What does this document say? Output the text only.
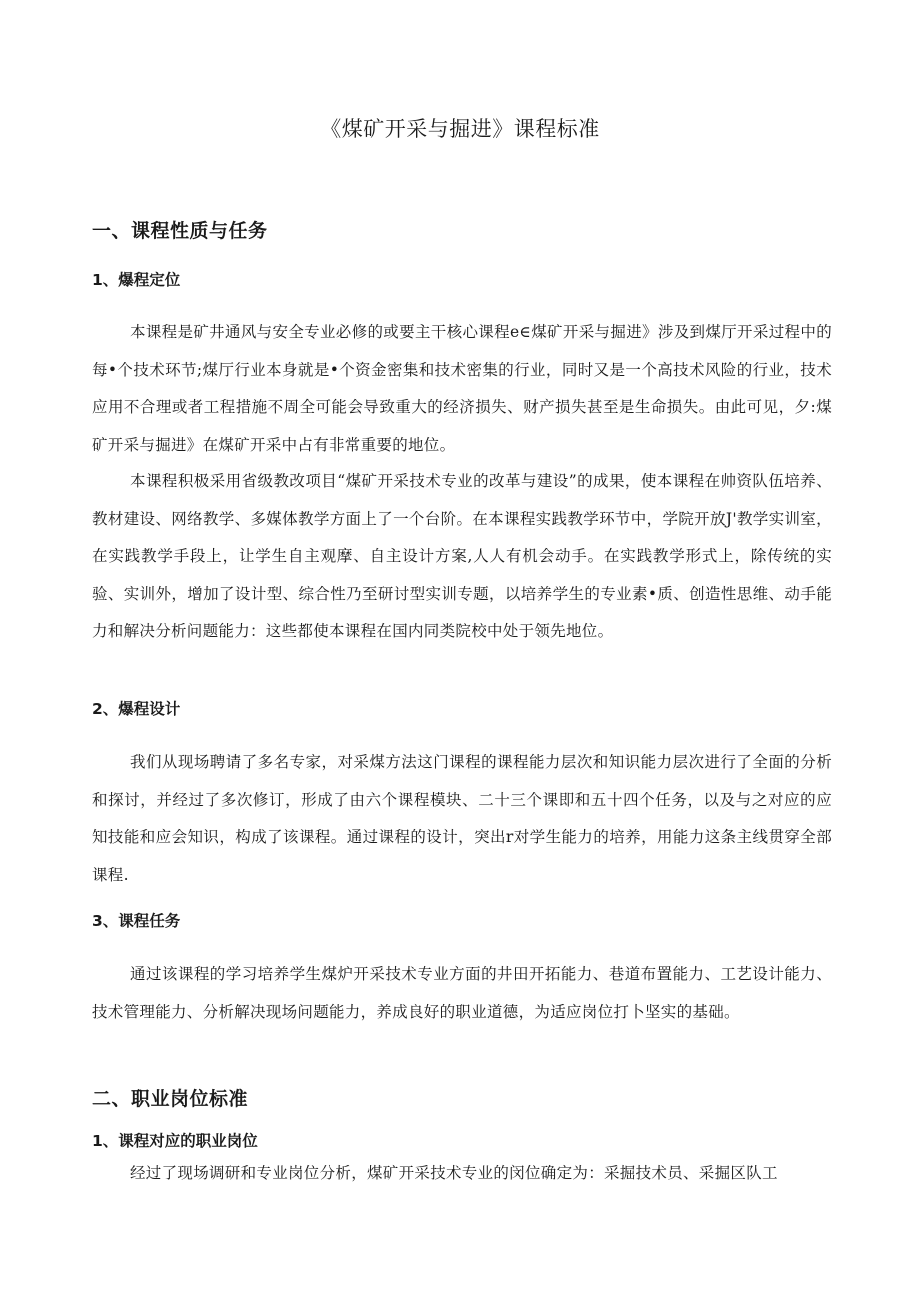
《煤矿开采与掘进》课程标准
一、课程性质与任务
1、爆程定位

本课程是矿井通风与安全专业必修的或要主干核心课程e∈煤矿开采与掘进》涉及到煤厅开采过程中的每•个技术环节;煤厅行业本身就是•个资金密集和技术密集的行业，同时又是一个高技术风险的行业，技术应用不合理或者工程措施不周全可能会导致重大的经济损失、财产损失甚至是生命损失。由此可见，夕:煤矿开采与掘进》在煤矿开采中占有非常重要的地位。

本课程积极采用省级教改项目“煤矿开采技术专业的改革与建设”的成果，使本课程在帅资队伍培养、教材建设、网络教学、多媒体教学方面上了一个台阶。在本课程实践教学环节中，学院开放J'教学实训室，在实践教学手段上，让学生自主观摩、自主设计方案,人人有机会动手。在实践教学形式上，除传统的实验、实训外，增加了设计型、综合性乃至研讨型实训专题，以培养学生的专业素•质、创造性思维、动手能力和解决分析问题能力：这些都使本课程在国内同类院校中处于领先地位。

2、爆程设计

我们从现场聘请了多名专家，对采煤方法这门课程的课程能力层次和知识能力层次进行了全面的分析和探讨，并经过了多次修订，形成了由六个课程模块、二十三个课即和五十四个任务，以及与之对应的应知技能和应会知识，构成了该课程。通过课程的设计，突出r对学生能力的培养，用能力这条主线贯穿全部课程.

3、课程任务

通过该课程的学习培养学生煤炉开采技术专业方面的井田开拓能力、巷道布置能力、工艺设计能力、技术管理能力、分析解决现场问题能力，养成良好的职业道德，为适应岗位打卜坚实的基础。

二、职业岗位标准
1、课程对应的职业岗位

经过了现场调研和专业岗位分析，煤矿开采技术专业的闵位确定为：采掘技术员、采掘区队工
